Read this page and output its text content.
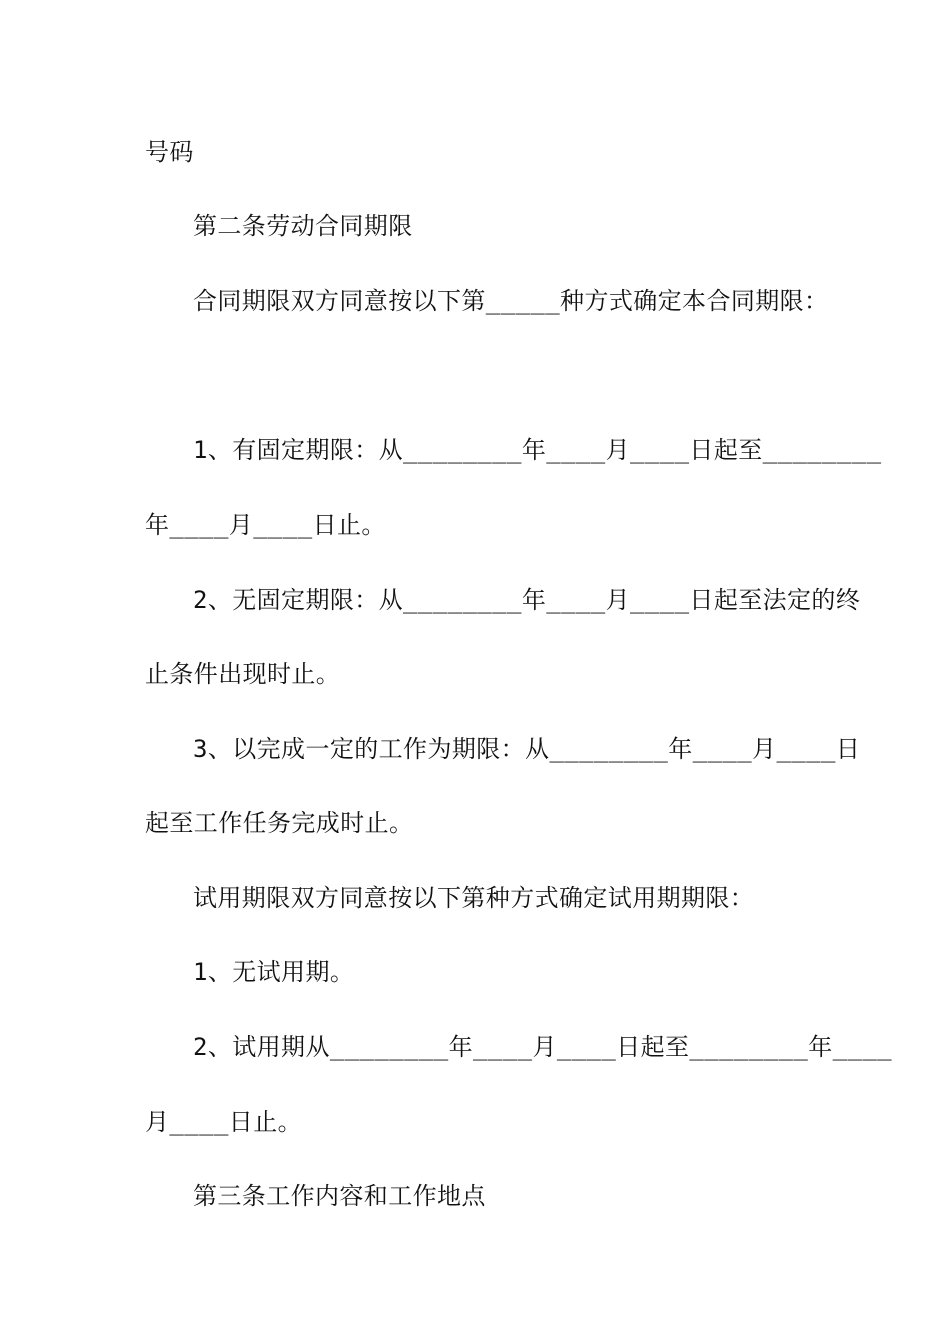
号码
第二条劳动合同期限
合同期限双方同意按以下第_____种方式确定本合同期限：
1、有固定期限：从________年____月____日起至________
年____月____日止。
2、无固定期限：从________年____月____日起至法定的终
止条件出现时止。
3、以完成一定的工作为期限：从________年____月____日
起至工作任务完成时止。
试用期限双方同意按以下第种方式确定试用期期限：
1、无试用期。
2、试用期从________年____月____日起至________年____
月____日止。
第三条工作内容和工作地点
